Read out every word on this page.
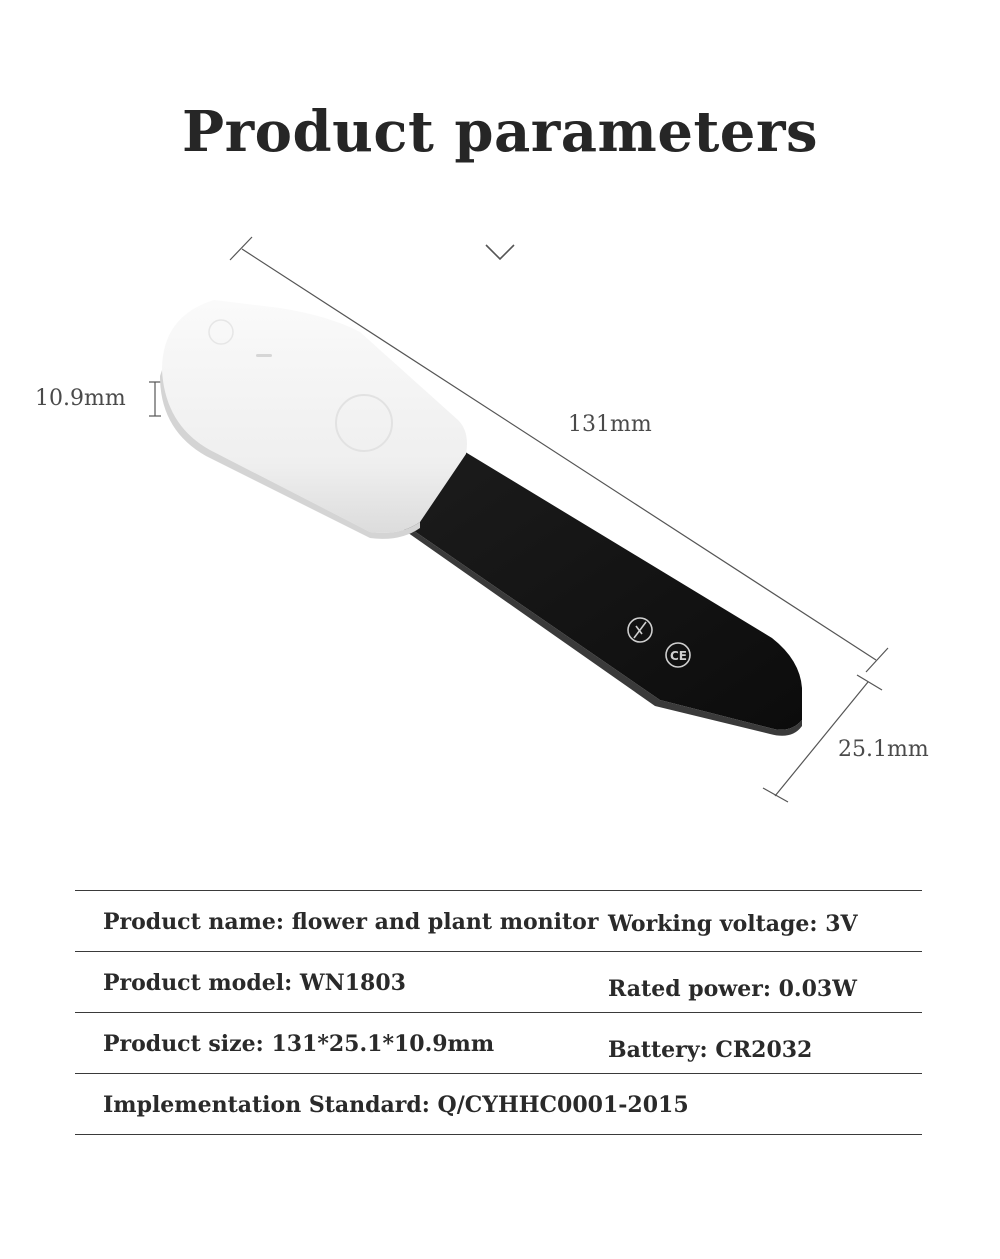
Product parameters
131mm
10.9mm
25.1mm
CE
Product name: flower and plant monitor Working voltage: 3V
Product model: WN1803	Rated power: 0.03W
Product size: 131*25.1*10.9mm	Battery: CR2032
Implementation Standard: Q/CYHHC0001-2015
